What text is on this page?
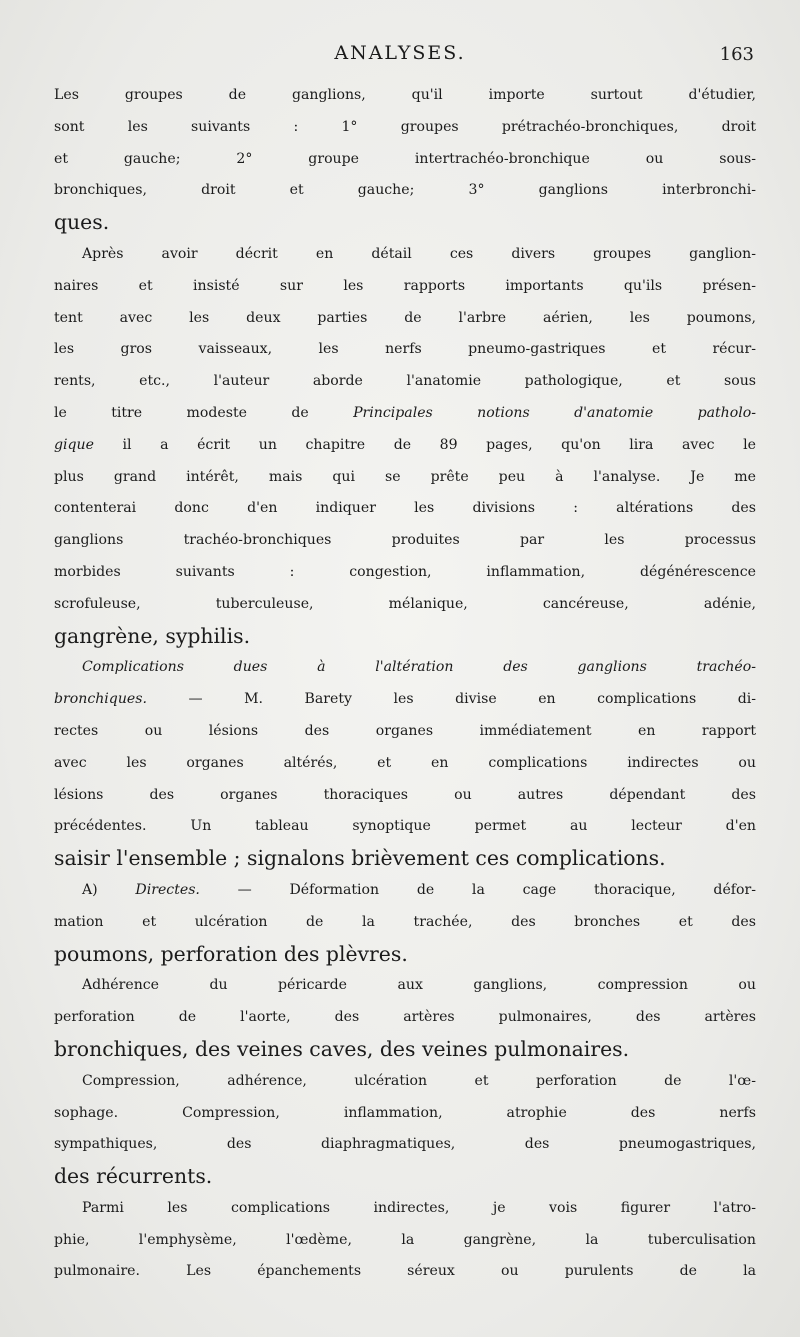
ANALYSES.	163
Les groupes de ganglions, qu'il importe surtout d'étudier,
sont les suivants : 1° groupes prétrachéo-bronchiques, droit
et gauche; 2° groupe intertrachéo-bronchique ou sous-
bronchiques, droit et gauche; 3° ganglions interbronchi-
ques.
Après avoir décrit en détail ces divers groupes ganglion-
naires et insisté sur les rapports importants qu'ils présen-
tent avec les deux parties de l'arbre aérien, les poumons,
les gros vaisseaux, les nerfs pneumo-gastriques et récur-
rents, etc., l'auteur aborde l'anatomie pathologique, et sous
le titre modeste de Principales notions d'anatomie patholo-
gique il a écrit un chapitre de 89 pages, qu'on lira avec le
plus grand intérêt, mais qui se prête peu à l'analyse. Je me
contenterai donc d'en indiquer les divisions : altérations des
ganglions trachéo-bronchiques produites par les processus
morbides suivants : congestion, inflammation, dégénérescence
scrofuleuse, tuberculeuse, mélanique, cancéreuse, adénie,
gangrène, syphilis.
Complications dues à l'altération des ganglions trachéo-
bronchiques. — M. Barety les divise en complications di-
rectes ou lésions des organes immédiatement en rapport
avec les organes altérés, et en complications indirectes ou
lésions des organes thoraciques ou autres dépendant des
précédentes. Un tableau synoptique permet au lecteur d'en
saisir l'ensemble ; signalons brièvement ces complications.
A) Directes. — Déformation de la cage thoracique, défor-
mation et ulcération de la trachée, des bronches et des
poumons, perforation des plèvres.
Adhérence du péricarde aux ganglions, compression ou
perforation de l'aorte, des artères pulmonaires, des artères
bronchiques, des veines caves, des veines pulmonaires.
Compression, adhérence, ulcération et perforation de l'œ-
sophage. Compression, inflammation, atrophie des nerfs
sympathiques, des diaphragmatiques, des pneumogastriques,
des récurrents.
Parmi les complications indirectes, je vois figurer l'atro-
phie, l'emphysème, l'œdème, la gangrène, la tuberculisation
pulmonaire. Les épanchements séreux ou purulents de la
